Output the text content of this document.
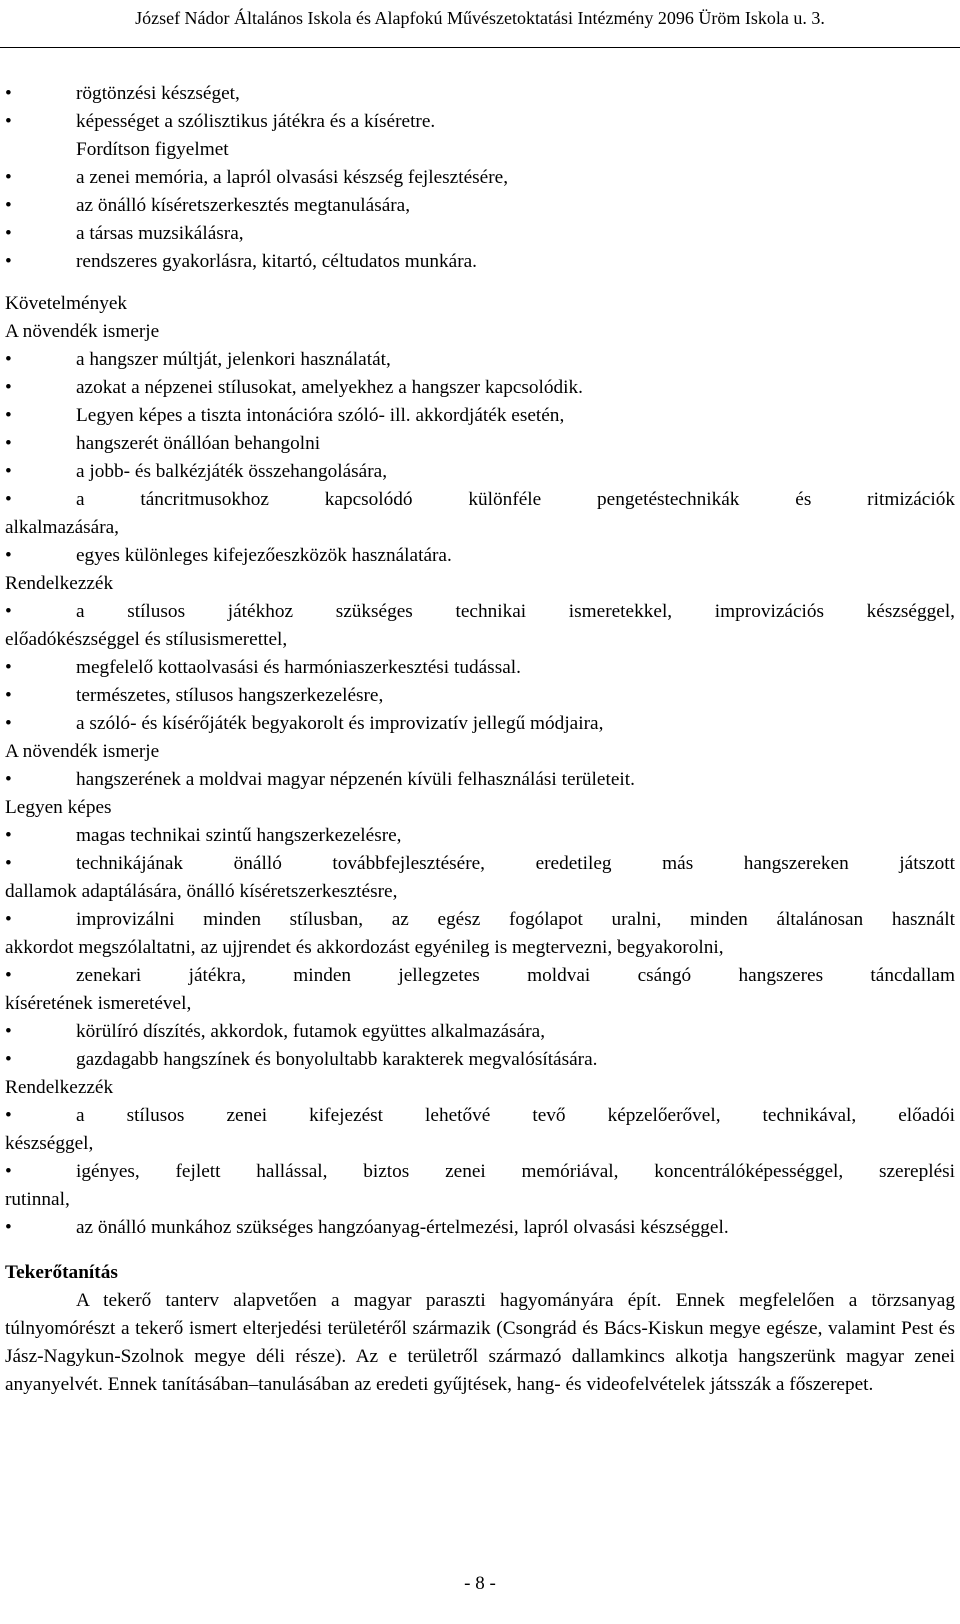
József Nádor Általános Iskola és Alapfokú Művészetoktatási Intézmény 2096 Üröm Iskola u. 3.
•	rögtönzési készséget,
•	képességet a szólisztikus játékra és a kíséretre.
Fordítson figyelmet
•	a zenei memória, a lapról olvasási készség fejlesztésére,
•	az önálló kíséretszerkesztés megtanulására,
•	a társas muzsikálásra,
•	rendszeres gyakorlásra, kitartó, céltudatos munkára.
Követelmények
A növendék ismerje
•	a hangszer múltját, jelenkori használatát,
•	azokat a népzenei stílusokat, amelyekhez a hangszer kapcsolódik.
•	Legyen képes a tiszta intonációra szóló- ill. akkordjáték esetén,
•	hangszerét önállóan behangolni
•	a jobb- és balkézjáték összehangolására,
•	a táncritmusokhoz kapcsolódó különféle pengetéstechnikák és ritmizációk
alkalmazására,
•	egyes különleges kifejezőeszközök használatára.
Rendelkezzék
•	a stílusos játékhoz szükséges technikai ismeretekkel, improvizációs készséggel,
előadókészséggel és stílusismerettel,
•	megfelelő kottaolvasási és harmóniaszerkesztési tudással.
•	természetes, stílusos hangszerkezelésre,
•	a szóló- és kísérőjáték begyakorolt és improvizatív jellegű módjaira,
A növendék ismerje
•	hangszerének a moldvai magyar népzenén kívüli felhasználási területeit.
Legyen képes
•	magas technikai szintű hangszerkezelésre,
•	technikájának önálló továbbfejlesztésére, eredetileg más hangszereken játszott
dallamok adaptálására, önálló kíséretszerkesztésre,
•	improvizálni minden stílusban, az egész fogólapot uralni, minden általánosan használt
akkordot megszólaltatni, az ujjrendet és akkordozást egyénileg is megtervezni, begyakorolni,
•	zenekari játékra, minden jellegzetes moldvai csángó hangszeres táncdallam
kíséretének ismeretével,
•	körülíró díszítés, akkordok, futamok együttes alkalmazására,
•	gazdagabb hangszínek és bonyolultabb karakterek megvalósítására.
Rendelkezzék
•	a stílusos zenei kifejezést lehetővé tevő képzelőerővel, technikával, előadói
készséggel,
•	igényes, fejlett hallással, biztos zenei memóriával, koncentrálóképességgel, szereplési
rutinnal,
•	az önálló munkához szükséges hangzóanyag-értelmezési, lapról olvasási készséggel.
Tekerőtanítás
A tekerő tanterv alapvetően a magyar paraszti hagyományára épít. Ennek megfelelően a törzsanyag túlnyomórészt a tekerő ismert elterjedési területéről származik (Csongrád és Bács-Kiskun megye egésze, valamint Pest és Jász-Nagykun-Szolnok megye déli része). Az e területről származó dallamkincs alkotja hangszerünk magyar zenei anyanyelvét. Ennek tanításában–tanulásában az eredeti gyűjtések, hang- és videofelvételek játsszák a főszerepet.
- 8 -
